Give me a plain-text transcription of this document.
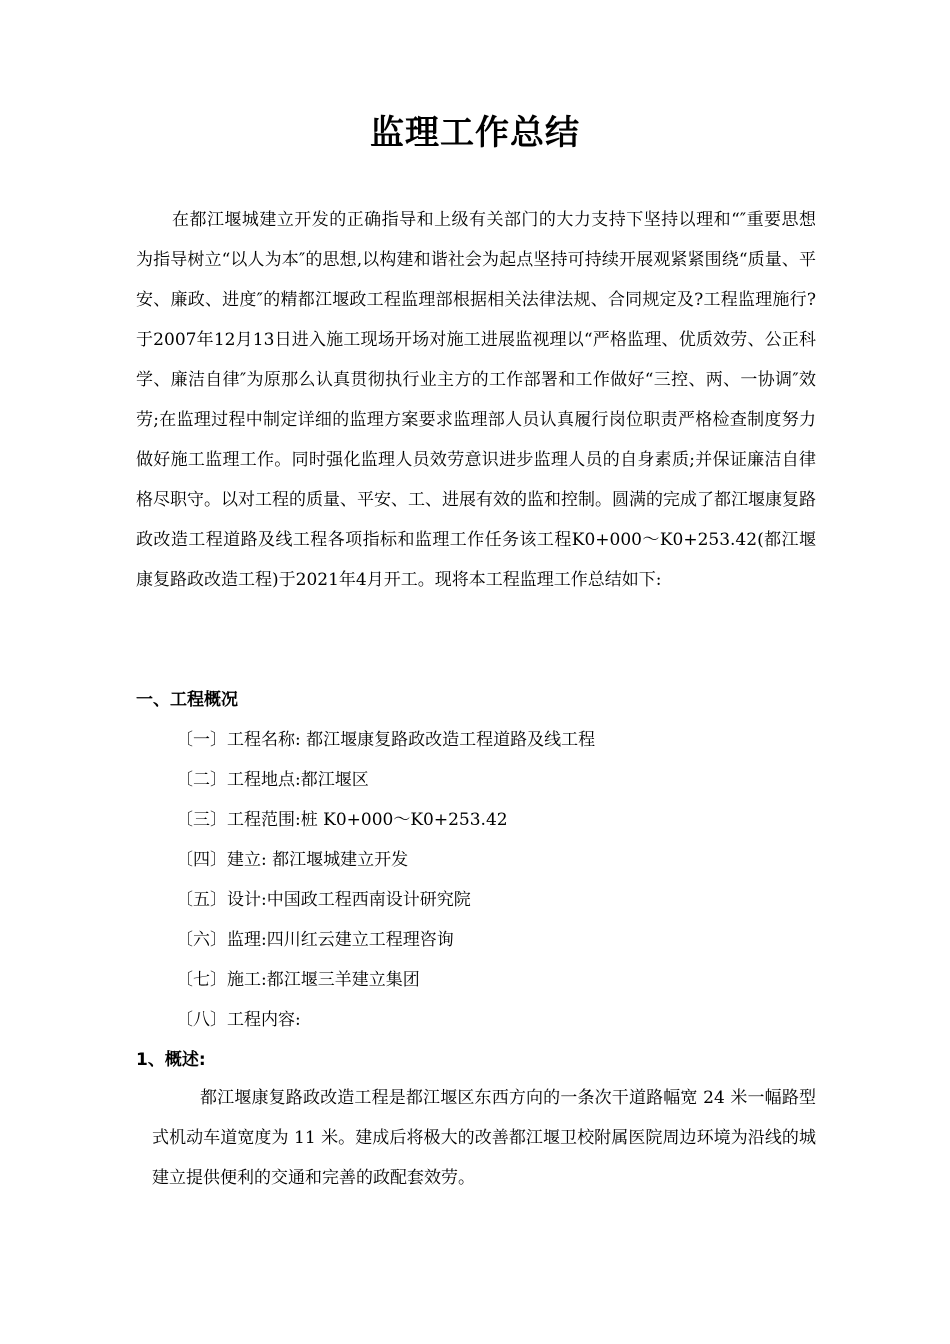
监理工作总结

在都江堰城建立开发的正确指导和上级有关部门的大力支持下坚持以理和“″重要思想为指导树立“以人为本″的思想,以构建和谐社会为起点坚持可持续开展观紧紧围绕“质量、平安、廉政、进度″的精都江堰政工程监理部根据相关法律法规、合同规定及?工程监理施行?于2007年12月13日进入施工现场开场对施工进展监视理以“严格监理、优质效劳、公正科学、廉洁自律″为原那么认真贯彻执行业主方的工作部署和工作做好“三控、两、一协调″效劳;在监理过程中制定详细的监理方案要求监理部人员认真履行岗位职责严格检查制度努力做好施工监理工作。同时强化监理人员效劳意识进步监理人员的自身素质;并保证廉洁自律格尽职守。以对工程的质量、平安、工、进展有效的监和控制。圆满的完成了都江堰康复路政改造工程道路及线工程各项指标和监理工作任务该工程K0+000～K0+253.42(都江堰康复路政改造工程)于2021年4月开工。现将本工程监理工作总结如下:

一、工程概况
〔一〕工程名称: 都江堰康复路政改造工程道路及线工程
〔二〕工程地点:都江堰区
〔三〕工程范围:桩 K0+000～K0+253.42
〔四〕建立: 都江堰城建立开发
〔五〕设计:中国政工程西南设计研究院
〔六〕监理:四川红云建立工程理咨询
〔七〕施工:都江堰三羊建立集团
〔八〕工程内容:
1、概述:

都江堰康复路政改造工程是都江堰区东西方向的一条次干道路幅宽 24 米一幅路型式机动车道宽度为 11 米。建成后将极大的改善都江堰卫校附属医院周边环境为沿线的城建立提供便利的交通和完善的政配套效劳。
